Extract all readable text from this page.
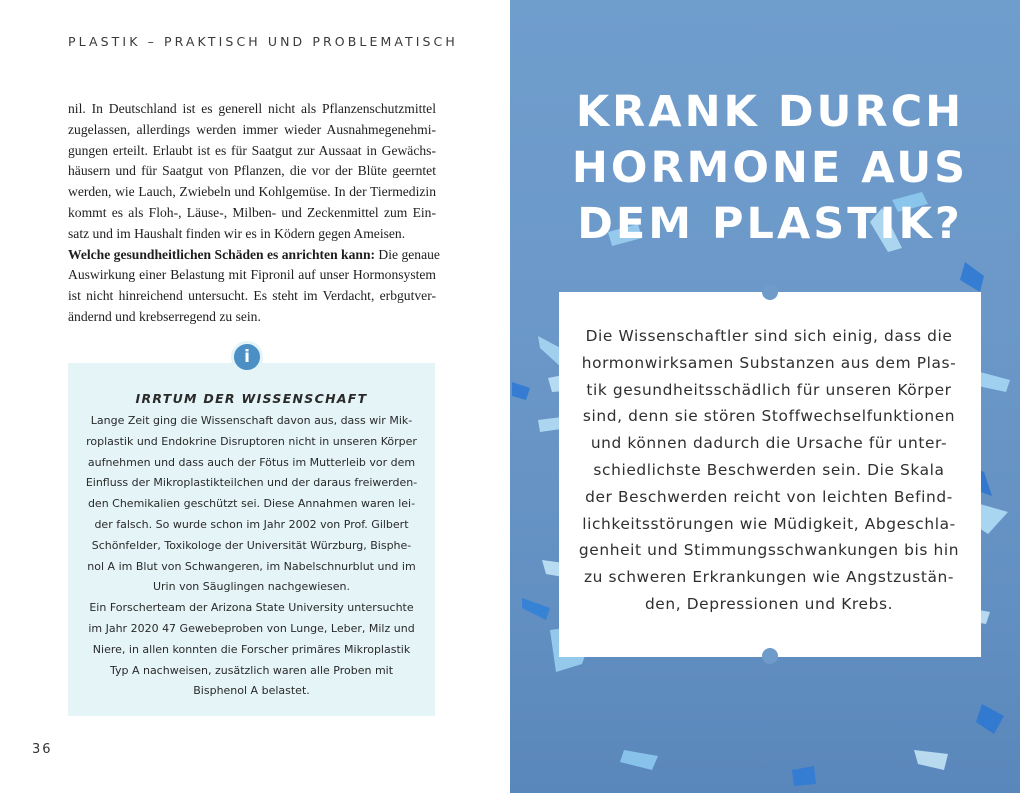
PLASTIK – PRAKTISCH UND PROBLEMATISCH
nil. In Deutschland ist es generell nicht als Pflanzenschutzmittel
zugelassen, allerdings werden immer wieder Ausnahmegenehmi-
gungen erteilt. Erlaubt ist es für Saatgut zur Aussaat in Gewächs-
häusern und für Saatgut von Pflanzen, die vor der Blüte geerntet
werden, wie Lauch, Zwiebeln und Kohlgemüse. In der Tiermedizin
kommt es als Floh-, Läuse-, Milben- und Zeckenmittel zum Ein-
satz und im Haushalt finden wir es in Ködern gegen Ameisen.
Welche gesundheitlichen Schäden es anrichten kann: Die genaue
Auswirkung einer Belastung mit Fipronil auf unser Hormonsystem
ist nicht hinreichend untersucht. Es steht im Verdacht, erbgutver-
ändernd und krebserregend zu sein.
i
IRRTUM DER WISSENSCHAFT
Lange Zeit ging die Wissenschaft davon aus, dass wir Mik-
roplastik und Endokrine Disruptoren nicht in unseren Körper
aufnehmen und dass auch der Fötus im Mutterleib vor dem
Einfluss der Mikroplastikteilchen und der daraus freiwerden-
den Chemikalien geschützt sei. Diese Annahmen waren lei-
der falsch. So wurde schon im Jahr 2002 von Prof. Gilbert
Schönfelder, Toxikologe der Universität Würzburg, Bisphe-
nol A im Blut von Schwangeren, im Nabelschnurblut und im
Urin von Säuglingen nachgewiesen.
Ein Forscherteam der Arizona State University untersuchte
im Jahr 2020 47 Gewebeproben von Lunge, Leber, Milz und
Niere, in allen konnten die Forscher primäres Mikroplastik
Typ A nachweisen, zusätzlich waren alle Proben mit
Bisphenol A belastet.
36
KRANK DURCH
HORMONE AUS
DEM PLASTIK?
Die Wissenschaftler sind sich einig, dass die
hormonwirksamen Substanzen aus dem Plas-
tik gesundheitsschädlich für unseren Körper
sind, denn sie stören Stoffwechselfunktionen
und können dadurch die Ursache für unter-
schiedlichste Beschwerden sein. Die Skala
der Beschwerden reicht von leichten Befind-
lichkeitsstörungen wie Müdigkeit, Abgeschla-
genheit und Stimmungsschwankungen bis hin
zu schweren Erkrankungen wie Angstzustän-
den, Depressionen und Krebs.
